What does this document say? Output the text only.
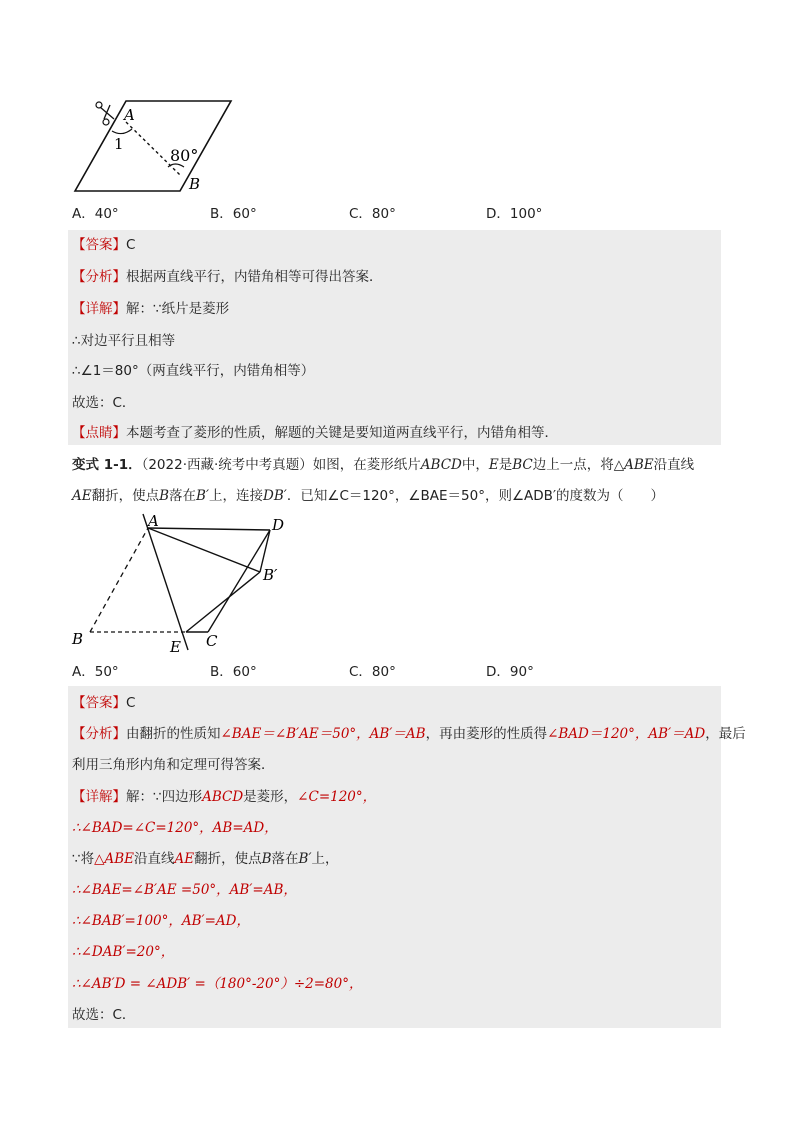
A
1
80°
B
A．40°	B．60°	C．80°	D．100°
【答案】C
【分析】根据两直线平行，内错角相等可得出答案．
【详解】解：∵纸片是菱形
∴对边平行且相等
∴∠1＝80°（两直线平行，内错角相等）
故选：C．
【点睛】本题考查了菱形的性质，解题的关键是要知道两直线平行，内错角相等．
变式 1-1．（2022·西藏·统考中考真题）如图，在菱形纸片ABCD中，E是BC边上一点，将△ABE沿直线
AE翻折，使点B落在B′上，连接DB′．已知∠C＝120°，∠BAE＝50°，则∠ADB′的度数为（　　）
A	D
B′
B	E C
A．50°	B．60°	C．80°	D．90°
【答案】C
【分析】由翻折的性质知∠BAE＝∠B′AE＝50°，AB′＝AB，再由菱形的性质得∠BAD＝120°，AB′＝AD，最后
利用三角形内角和定理可得答案．
【详解】解：∵四边形ABCD是菱形，∠C=120°，
∴∠BAD=∠C=120°，AB=AD，
∵将△ABE沿直线AE翻折，使点B落在B′上，
∴∠BAE=∠B′AE =50°，AB′=AB，
∴∠BAB′=100°，AB′=AD，
∴∠DAB′=20°，
∴∠AB′D = ∠ADB′ =（180°-20°）÷2=80°，
故选：C．
